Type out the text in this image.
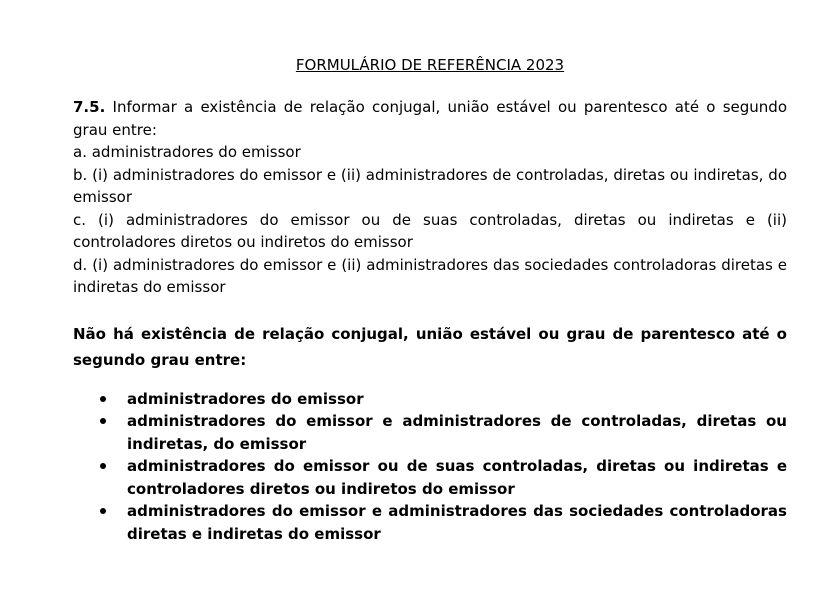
FORMULÁRIO DE REFERÊNCIA 2023

7.5. Informar a existência de relação conjugal, união estável ou parentesco até o segundo grau entre:

a. administradores do emissor

b. (i) administradores do emissor e (ii) administradores de controladas, diretas ou indiretas, do emissor

c. (i) administradores do emissor ou de suas controladas, diretas ou indiretas e (ii) controladores diretos ou indiretos do emissor

d. (i) administradores do emissor e (ii) administradores das sociedades controladoras diretas e indiretas do emissor

Não há existência de relação conjugal, união estável ou grau de parentesco até o segundo grau entre:

administradores do emissor
administradores do emissor e administradores de controladas, diretas ou indiretas, do emissor
administradores do emissor ou de suas controladas, diretas ou indiretas e controladores diretos ou indiretos do emissor
administradores do emissor e administradores das sociedades controladoras diretas e indiretas do emissor
